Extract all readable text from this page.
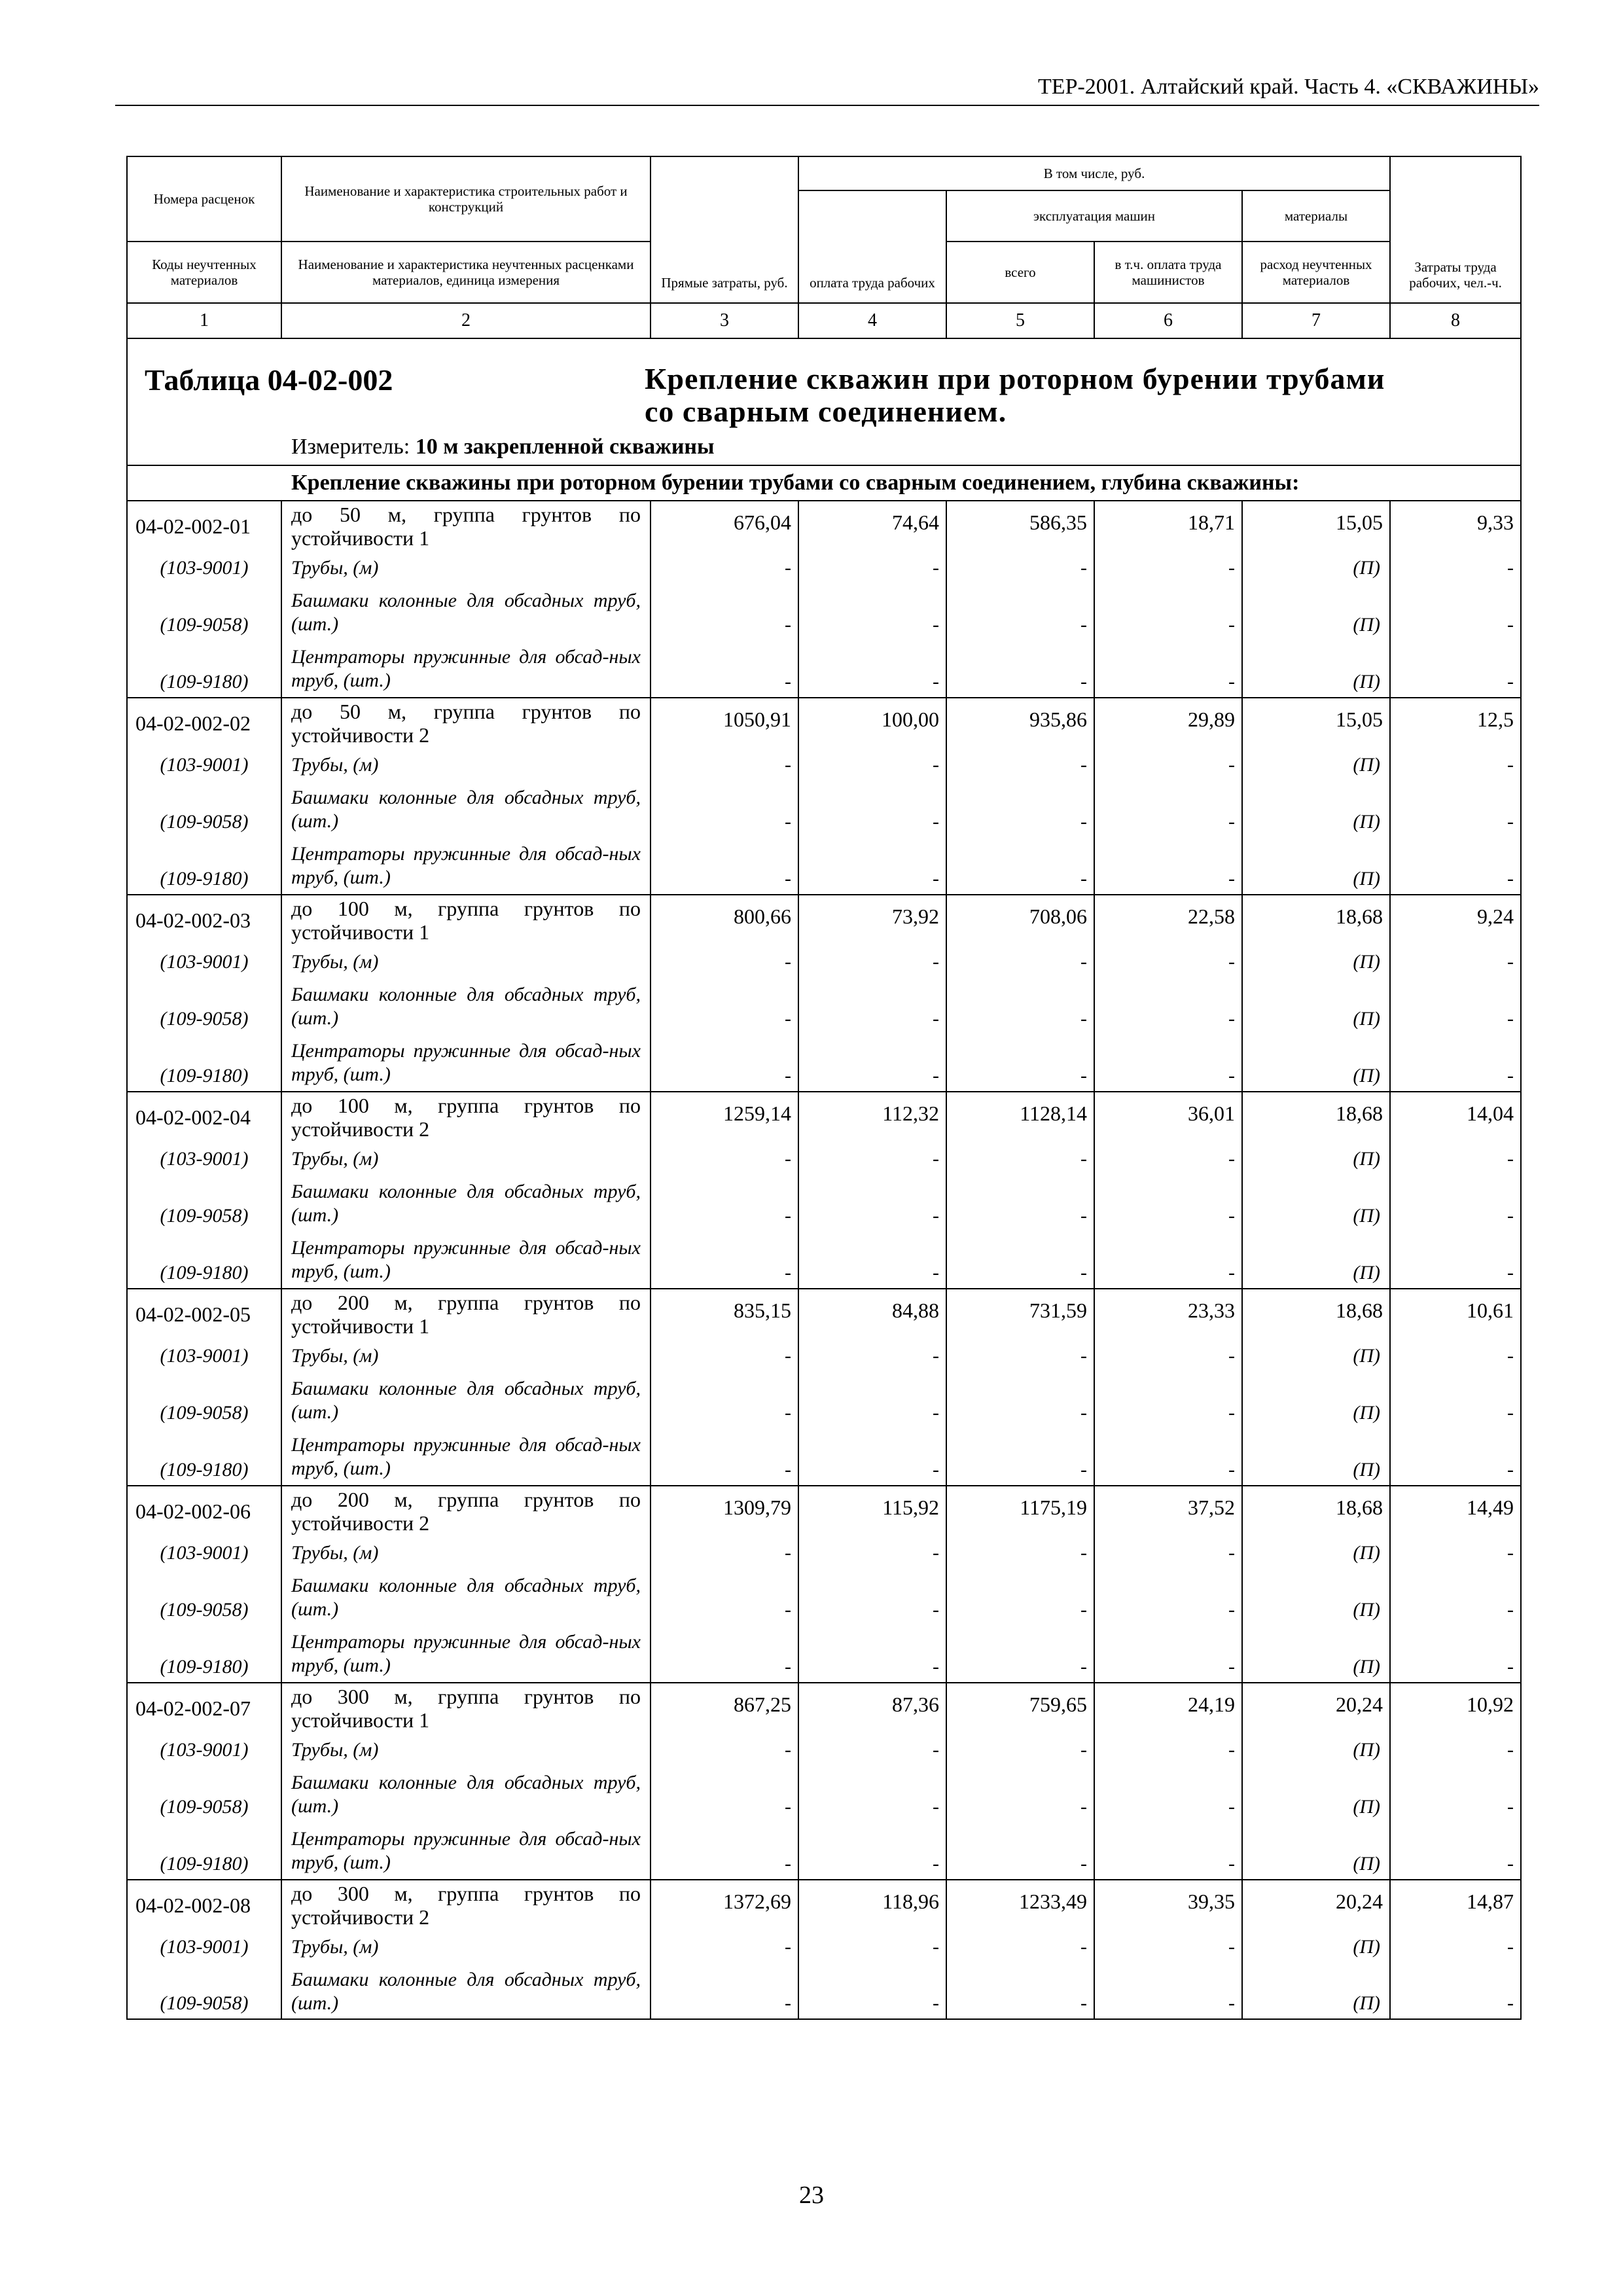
ТЕР-2001. Алтайский край. Часть 4. «СКВАЖИНЫ»
Номера расценок	Наименование и характеристика строительных работ и конструкций	Прямые затраты, руб.	В том числе, руб.				Затраты труда рабочих, чел.-ч.
			оплата труда рабочих	эксплуатация машин		материалы	
Коды неучтенных материалов	Наименование и характеристика неучтенных расценками материалов, единица измерения			всего	в т.ч. оплата труда машинистов	расход неучтенных материалов	
1	2	3	4	5	6	7	8
Таблица 04-02-002 Крепление скважин при роторном бурении трубами
со сварным соединением.
Измеритель: 10 м закрепленной скважины							

Крепление скважины при роторном бурении трубами со сварным соединением, глубина скважины:							
04-02-002-01	до 50 м, группа грунтов по устойчивости 1	676,04	74,64	586,35	18,71	15,05	9,33
(103-9001)	Трубы, (м)	-	-	-	-	(П)	-
(109-9058)	Башмаки колонные для обсадных труб, (шт.)	-	-	-	-	(П)	-
(109-9180)	Центраторы пружинные для обсад-ных труб, (шт.)	-	-	-	-	(П)	-
04-02-002-02	до 50 м, группа грунтов по устойчивости 2	1050,91	100,00	935,86	29,89	15,05	12,5
(103-9001)	Трубы, (м)	-	-	-	-	(П)	-
(109-9058)	Башмаки колонные для обсадных труб, (шт.)	-	-	-	-	(П)	-
(109-9180)	Центраторы пружинные для обсад-ных труб, (шт.)	-	-	-	-	(П)	-
04-02-002-03	до 100 м, группа грунтов по устойчивости 1	800,66	73,92	708,06	22,58	18,68	9,24
(103-9001)	Трубы, (м)	-	-	-	-	(П)	-
(109-9058)	Башмаки колонные для обсадных труб, (шт.)	-	-	-	-	(П)	-
(109-9180)	Центраторы пружинные для обсад-ных труб, (шт.)	-	-	-	-	(П)	-
04-02-002-04	до 100 м, группа грунтов по устойчивости 2	1259,14	112,32	1128,14	36,01	18,68	14,04
(103-9001)	Трубы, (м)	-	-	-	-	(П)	-
(109-9058)	Башмаки колонные для обсадных труб, (шт.)	-	-	-	-	(П)	-
(109-9180)	Центраторы пружинные для обсад-ных труб, (шт.)	-	-	-	-	(П)	-
04-02-002-05	до 200 м, группа грунтов по устойчивости 1	835,15	84,88	731,59	23,33	18,68	10,61
(103-9001)	Трубы, (м)	-	-	-	-	(П)	-
(109-9058)	Башмаки колонные для обсадных труб, (шт.)	-	-	-	-	(П)	-
(109-9180)	Центраторы пружинные для обсад-ных труб, (шт.)	-	-	-	-	(П)	-
04-02-002-06	до 200 м, группа грунтов по устойчивости 2	1309,79	115,92	1175,19	37,52	18,68	14,49
(103-9001)	Трубы, (м)	-	-	-	-	(П)	-
(109-9058)	Башмаки колонные для обсадных труб, (шт.)	-	-	-	-	(П)	-
(109-9180)	Центраторы пружинные для обсад-ных труб, (шт.)	-	-	-	-	(П)	-
04-02-002-07	до 300 м, группа грунтов по устойчивости 1	867,25	87,36	759,65	24,19	20,24	10,92
(103-9001)	Трубы, (м)	-	-	-	-	(П)	-
(109-9058)	Башмаки колонные для обсадных труб, (шт.)	-	-	-	-	(П)	-
(109-9180)	Центраторы пружинные для обсад-ных труб, (шт.)	-	-	-	-	(П)	-
04-02-002-08	до 300 м, группа грунтов по устойчивости 2	1372,69	118,96	1233,49	39,35	20,24	14,87
(103-9001)	Трубы, (м)	-	-	-	-	(П)	-
(109-9058)	Башмаки колонные для обсадных труб, (шт.)	-	-	-	-	(П)	-
23
